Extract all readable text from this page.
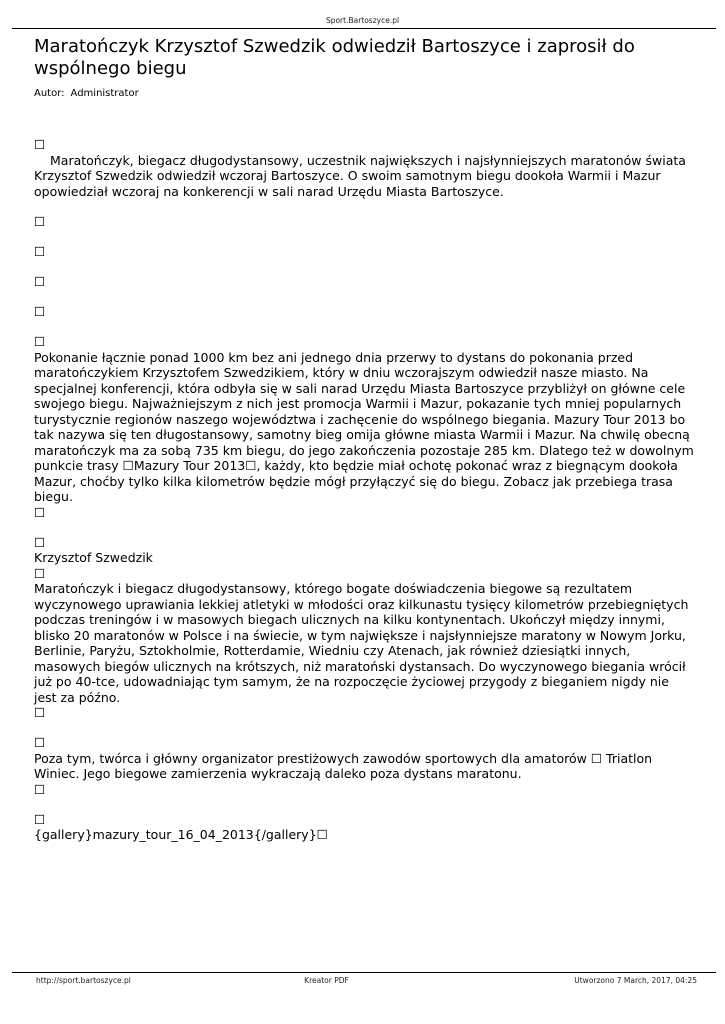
Sport.Bartoszyce.pl
Maratończyk Krzysztof Szwedzik odwiedził Bartoszyce i zaprosił do wspólnego biegu
Autor: Administrator
☐

Maratończyk, biegacz długodystansowy, uczestnik największych i najsłynniejszych maratonów świata Krzysztof Szwedzik odwiedził wczoraj Bartoszyce. O swoim samotnym biegu dookoła Warmii i Mazur opowiedział wczoraj na konkerencji w sali narad Urzędu Miasta Bartoszyce.

☐
☐
☐
☐
☐

Pokonanie łącznie ponad 1000 km bez ani jednego dnia przerwy to dystans do pokonania przed maratończykiem Krzysztofem Szwedzikiem, który w dniu wczorajszym odwiedził nasze miasto. Na specjalnej konferencji, która odbyła się w sali narad Urzędu Miasta Bartoszyce przybliżył on główne cele swojego biegu. Najważniejszym z nich jest promocja Warmii i Mazur, pokazanie tych mniej popularnych turystycznie regionów naszego województwa i zachęcenie do wspólnego biegania. Mazury Tour 2013 bo tak nazywa się ten długostansowy, samotny bieg omija główne miasta Warmii i Mazur. Na chwilę obecną maratończyk ma za sobą 735 km biegu, do jego zakończenia pozostaje 285 km. Dlatego też w dowolnym punkcie trasy ☐Mazury Tour 2013☐, każdy, kto będzie miał ochotę pokonać wraz z biegnącym dookoła Mazur, choćby tylko kilka kilometrów będzie mógł przyłączyć się do biegu. Zobacz jak przebiega trasa biegu.

☐
☐

Krzysztof Szwedzik

☐

Maratończyk i biegacz długodystansowy, którego bogate doświadczenia biegowe są rezultatem wyczynowego uprawiania lekkiej atletyki w młodości oraz kilkunastu tysięcy kilometrów przebiegniętych podczas treningów i w masowych biegach ulicznych na kilku kontynentach. Ukończył między innymi, blisko 20 maratonów w Polsce i na świecie, w tym największe i najsłynniejsze maratony w Nowym Jorku, Berlinie, Paryżu, Sztokholmie, Rotterdamie, Wiedniu czy Atenach, jak również dziesiątki innych, masowych biegów ulicznych na krótszych, niż maratoński dystansach. Do wyczynowego biegania wrócił już po 40-tce, udowadniając tym samym, że na rozpoczęcie życiowej przygody z bieganiem nigdy nie jest za późno.

☐
☐

Poza tym, twórca i główny organizator prestiżowych zawodów sportowych dla amatorów ☐ Triatlon Winiec. Jego biegowe zamierzenia wykraczają daleko poza dystans maratonu.

☐
☐

{gallery}mazury_tour_16_04_2013{/gallery}☐

http://sport.bartoszyce.pl	Kreator PDF	Utworzono 7 March, 2017, 04:25
